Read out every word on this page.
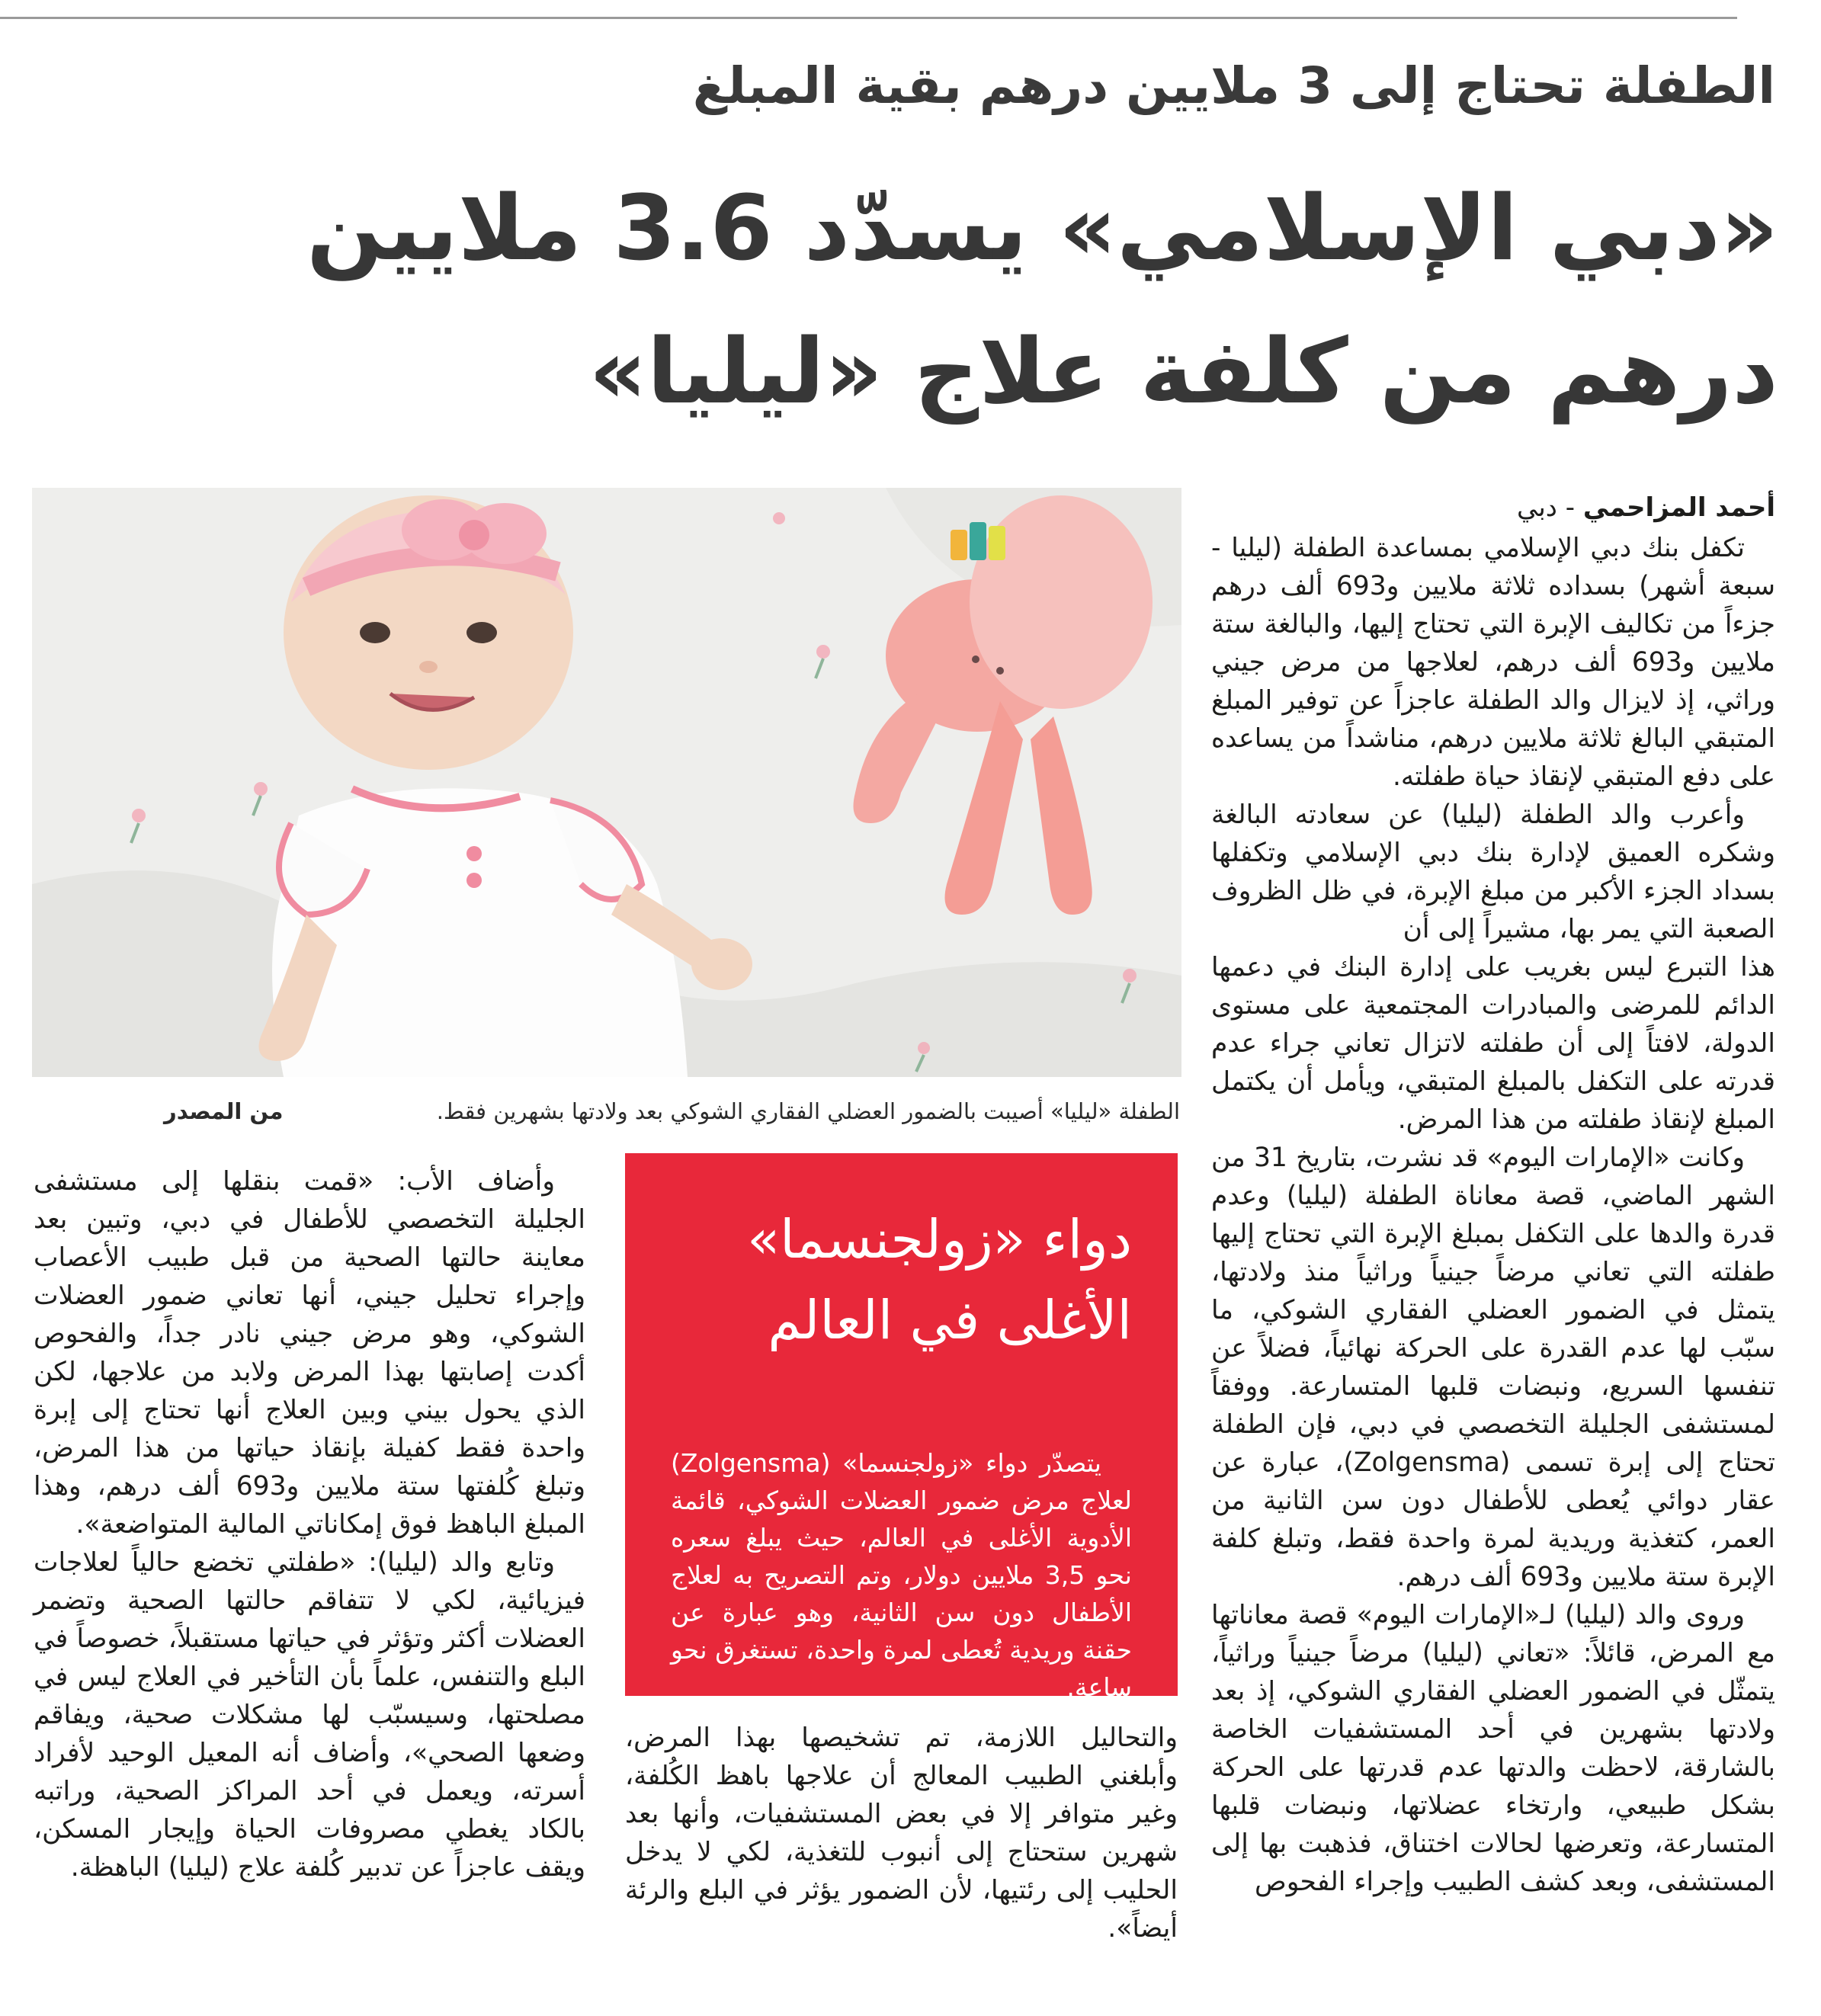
الطفلة تحتاج إلى 3 ملايين درهم بقية المبلغ
«دبي الإسلامي» يسدّد 3.6 ملايين
درهم من كلفة علاج «ليليا»
الطفلة «ليليا» أصيبت بالضمور العضلي الفقاري الشوكي بعد ولادتها بشهرين فقط.
من المصدر
أحمد المزاحمي - دبي

تكفل بنك دبي الإسلامي بمساعدة الطفلة (ليليا - سبعة أشهر) بسداده ثلاثة ملايين و693 ألف درهم جزءاً من تكاليف الإبرة التي تحتاج إليها، والبالغة ستة ملايين و693 ألف درهم، لعلاجها من مرض جيني وراثي، إذ لايزال والد الطفلة عاجزاً عن توفير المبلغ المتبقي البالغ ثلاثة ملايين درهم، مناشداً من يساعده على دفع المتبقي لإنقاذ حياة طفلته.

وأعرب والد الطفلة (ليليا) عن سعادته البالغة وشكره العميق لإدارة بنك دبي الإسلامي وتكفلها بسداد الجزء الأكبر من مبلغ الإبرة، في ظل الظروف الصعبة التي يمر بها، مشيراً إلى أن

هذا التبرع ليس بغريب على إدارة البنك في دعمها الدائم للمرضى والمبادرات المجتمعية على مستوى الدولة، لافتاً إلى أن طفلته لاتزال تعاني جراء عدم قدرته على التكفل بالمبلغ المتبقي، ويأمل أن يكتمل المبلغ لإنقاذ طفلته من هذا المرض.

وكانت «الإمارات اليوم» قد نشرت، بتاريخ 31 من الشهر الماضي، قصة معاناة الطفلة (ليليا) وعدم قدرة والدها على التكفل بمبلغ الإبرة التي تحتاج إليها طفلته التي تعاني مرضاً جينياً وراثياً منذ ولادتها، يتمثل في الضمور العضلي الفقاري الشوكي، ما سبّب لها عدم القدرة على الحركة نهائياً، فضلاً عن تنفسها السريع، ونبضات قلبها المتسارعة. ووفقاً لمستشفى الجليلة التخصصي في دبي، فإن الطفلة تحتاج إلى إبرة تسمى (Zolgensma)، عبارة عن عقار دوائي يُعطى للأطفال دون سن الثانية من العمر، كتغذية وريدية لمرة واحدة فقط، وتبلغ كلفة الإبرة ستة ملايين و693 ألف درهم.

وروى والد (ليليا) لـ«الإمارات اليوم» قصة معاناتها مع المرض، قائلاً: «تعاني (ليليا) مرضاً جينياً وراثياً، يتمثّل في الضمور العضلي الفقاري الشوكي، إذ بعد ولادتها بشهرين في أحد المستشفيات الخاصة بالشارقة، لاحظت والدتها عدم قدرتها على الحركة بشكل طبيعي، وارتخاء عضلاتها، ونبضات قلبها المتسارعة، وتعرضها لحالات اختناق، فذهبت بها إلى المستشفى، وبعد كشف الطبيب وإجراء الفحوص

دواء «زولجنسما»
الأغلى في العالم

يتصدّر دواء «زولجنسما» (Zolgensma) لعلاج مرض ضمور العضلات الشوكي، قائمة الأدوية الأغلى في العالم، حيث يبلغ سعره نحو 3,5 ملايين دولار، وتم التصريح به لعلاج الأطفال دون سن الثانية، وهو عبارة عن حقنة وريدية تُعطى لمرة واحدة، تستغرق نحو ساعة.

والتحاليل اللازمة، تم تشخيصها بهذا المرض، وأبلغني الطبيب المعالج أن علاجها باهظ الكُلفة، وغير متوافر إلا في بعض المستشفيات، وأنها بعد شهرين ستحتاج إلى أنبوب للتغذية، لكي لا يدخل الحليب إلى رئتيها، لأن الضمور يؤثر في البلع والرئة أيضاً».

وأضاف الأب: «قمت بنقلها إلى مستشفى الجليلة التخصصي للأطفال في دبي، وتبين بعد معاينة حالتها الصحية من قبل طبيب الأعصاب وإجراء تحليل جيني، أنها تعاني ضمور العضلات الشوكي، وهو مرض جيني نادر جداً، والفحوص أكدت إصابتها بهذا المرض ولابد من علاجها، لكن الذي يحول بيني وبين العلاج أنها تحتاج إلى إبرة واحدة فقط كفيلة بإنقاذ حياتها من هذا المرض، وتبلغ كُلفتها ستة ملايين و693 ألف درهم، وهذا المبلغ الباهظ فوق إمكاناتي المالية المتواضعة».

وتابع والد (ليليا): «طفلتي تخضع حالياً لعلاجات فيزيائية، لكي لا تتفاقم حالتها الصحية وتضمر العضلات أكثر وتؤثر في حياتها مستقبلاً، خصوصاً في البلع والتنفس، علماً بأن التأخير في العلاج ليس في مصلحتها، وسيسبّب لها مشكلات صحية، ويفاقم وضعها الصحي»، وأضاف أنه المعيل الوحيد لأفراد أسرته، ويعمل في أحد المراكز الصحية، وراتبه بالكاد يغطي مصروفات الحياة وإيجار المسكن، ويقف عاجزاً عن تدبير كُلفة علاج (ليليا) الباهظة.
